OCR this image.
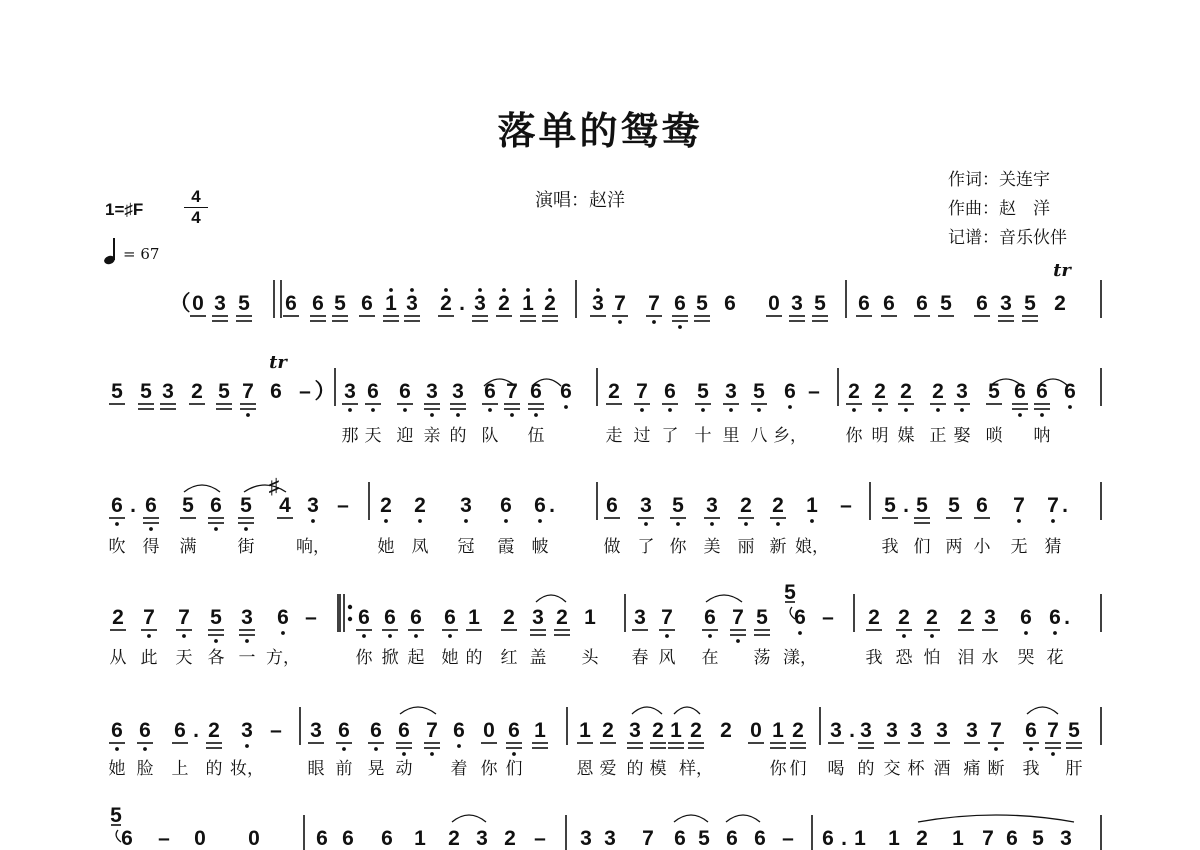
落单的鸳鸯
演唱：赵洋
作词：关连宇
作曲：赵　洋
记谱：音乐伙伴
1=♯F
4
4
= 67
0 3 5 6 6 5 6 1 3 2 . 3 2 1 2 3 7 7 6 5 6 0 3 5 6 6 6 5 6 3 5 2
tr
（
5 5 3 2 5 7 6 – 3 6 6 3 3 6 7 6 6 2 7 6 5 3 5 6 – 2 2 2 2 3 5 6 6 6
tr
）
6 . 6 5 6 5 4 3 – 2 2 3 6 6 . 6 3 5 3 2 2 1 – 5 . 5 5 6 7 7 .
♯
2 7 7 5 3 6 – 6 6 6 6 1 2 3 2 1 3 7 6 7 5 6 – 2 2 2 2 3 6 6 .
5
6 6 6 . 2 3 – 3 6 6 6 7 6 0 6 1 1 2 3 2 1 2 2 0 1 2 3 . 3 3 3 3 3 7 6 7 5
6 – 0 0	6 6 6 1 2 3 2 – 3 3 7 6 5 6 6 – 6 . 1 1 2 1 7 6 5 3
5
那 天 迎 亲 的 队 伍	走 过 了 十 里 八 乡， 你 明 媒 正 娶 唢 呐
吹 得 满 街 响，	她 凤 冠 霞 帔	做 了 你 美 丽 新 娘，	我 们 两 小 无 猜
从 此 天 各 一 方，	你 掀 起 她 的 红 盖 头 春 风 在 荡 漾，	我 恐 怕 泪 水 哭 花
她 脸 上 的 妆，	眼 前 晃 动 着 你 们	恩 爱 的 模 样，	你 们 喝 的 交 杯 酒 痛 断 我 肝
